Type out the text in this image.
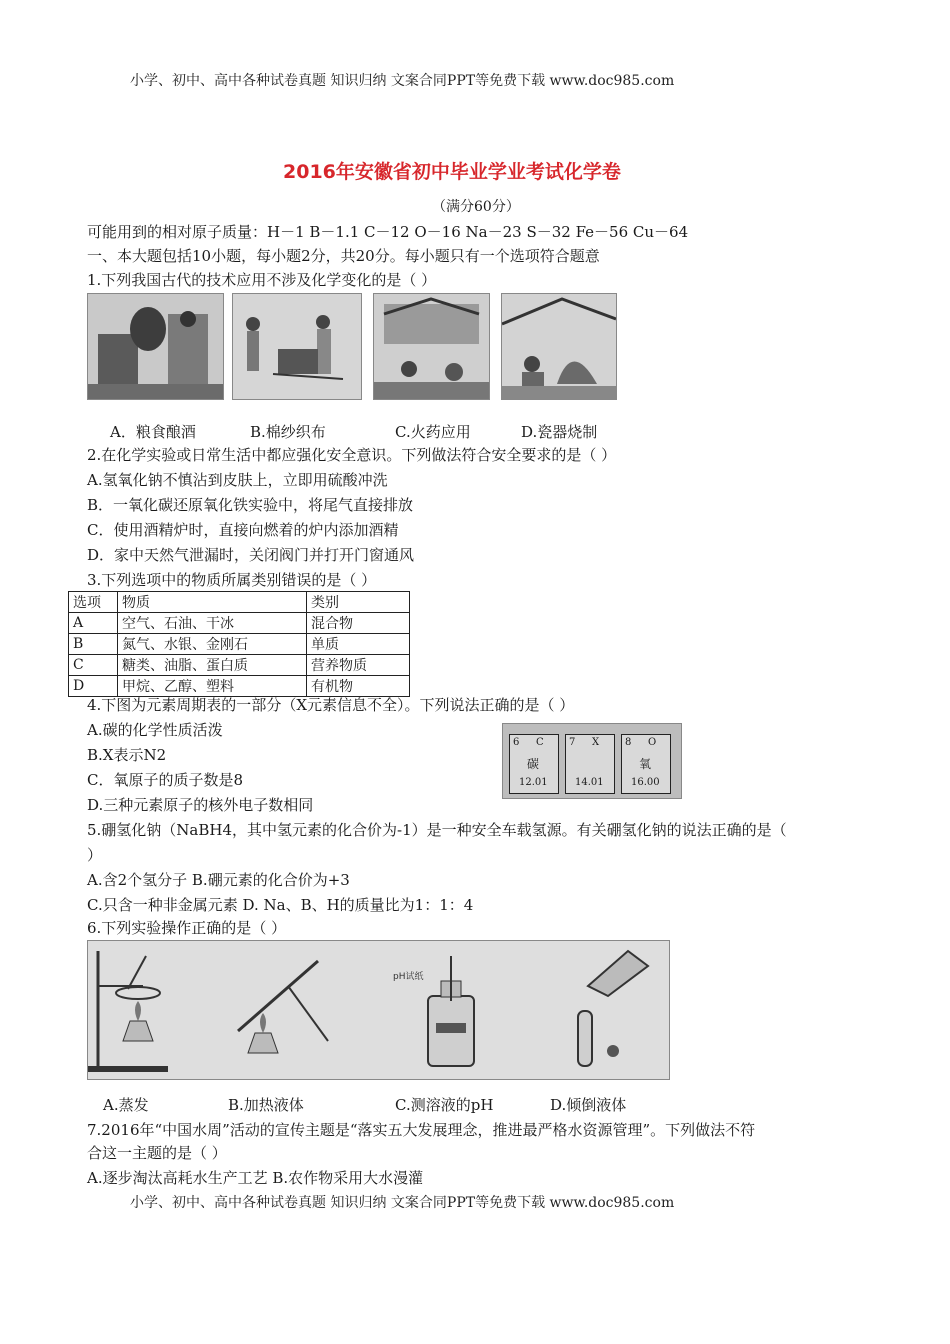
小学、初中、高中各种试卷真题 知识归纳 文案合同PPT等免费下载 www.doc985.com
2016年安徽省初中毕业学业考试化学卷
（满分60分）
可能用到的相对原子质量：H－1 B－1.1 C－12 O－16 Na－23 S－32 Fe－56 Cu－64
一、本大题包括10小题，每小题2分，共20分。每小题只有一个选项符合题意
1.下列我国古代的技术应用不涉及化学变化的是（ ）
A．粮食酿酒	B.棉纱织布	C.火药应用	D.瓷器烧制
2.在化学实验或日常生活中都应强化安全意识。下列做法符合安全要求的是（ ）
A.氢氧化钠不慎沾到皮肤上，立即用硫酸冲洗
B．一氧化碳还原氧化铁实验中，将尾气直接排放
C．使用酒精炉时，直接向燃着的炉内添加酒精
D．家中天然气泄漏时，关闭阀门并打开门窗通风
3.下列选项中的物质所属类别错误的是（ ）
选项	物质	类别
A	空气、石油、干冰	混合物
B	氮气、水银、金刚石	单质
C	糖类、油脂、蛋白质	营养物质
D	甲烷、乙醇、塑料	有机物
4.下图为元素周期表的一部分（X元素信息不全）。下列说法正确的是（ ）
A.碳的化学性质活泼
B.X表示N2
C．氧原子的质子数是8
D.三种元素原子的核外电子数相同
6 C
碳
12.01
7 X
14.01
8 O
氧
16.00
5.硼氢化钠（NaBH4，其中氢元素的化合价为-1）是一种安全车载氢源。有关硼氢化钠的说法正确的是（
）
A.含2个氢分子 B.硼元素的化合价为+3
C.只含一种非金属元素 D. Na、B、H的质量比为1：1：4
6.下列实验操作正确的是（ ）
pH试纸
A.蒸发	B.加热液体	C.测溶液的pH	D.倾倒液体
7.2016年“中国水周”活动的宣传主题是“落实五大发展理念，推进最严格水资源管理”。下列做法不符
合这一主题的是（ ）
A.逐步淘汰高耗水生产工艺 B.农作物采用大水漫灌
小学、初中、高中各种试卷真题 知识归纳 文案合同PPT等免费下载 www.doc985.com
